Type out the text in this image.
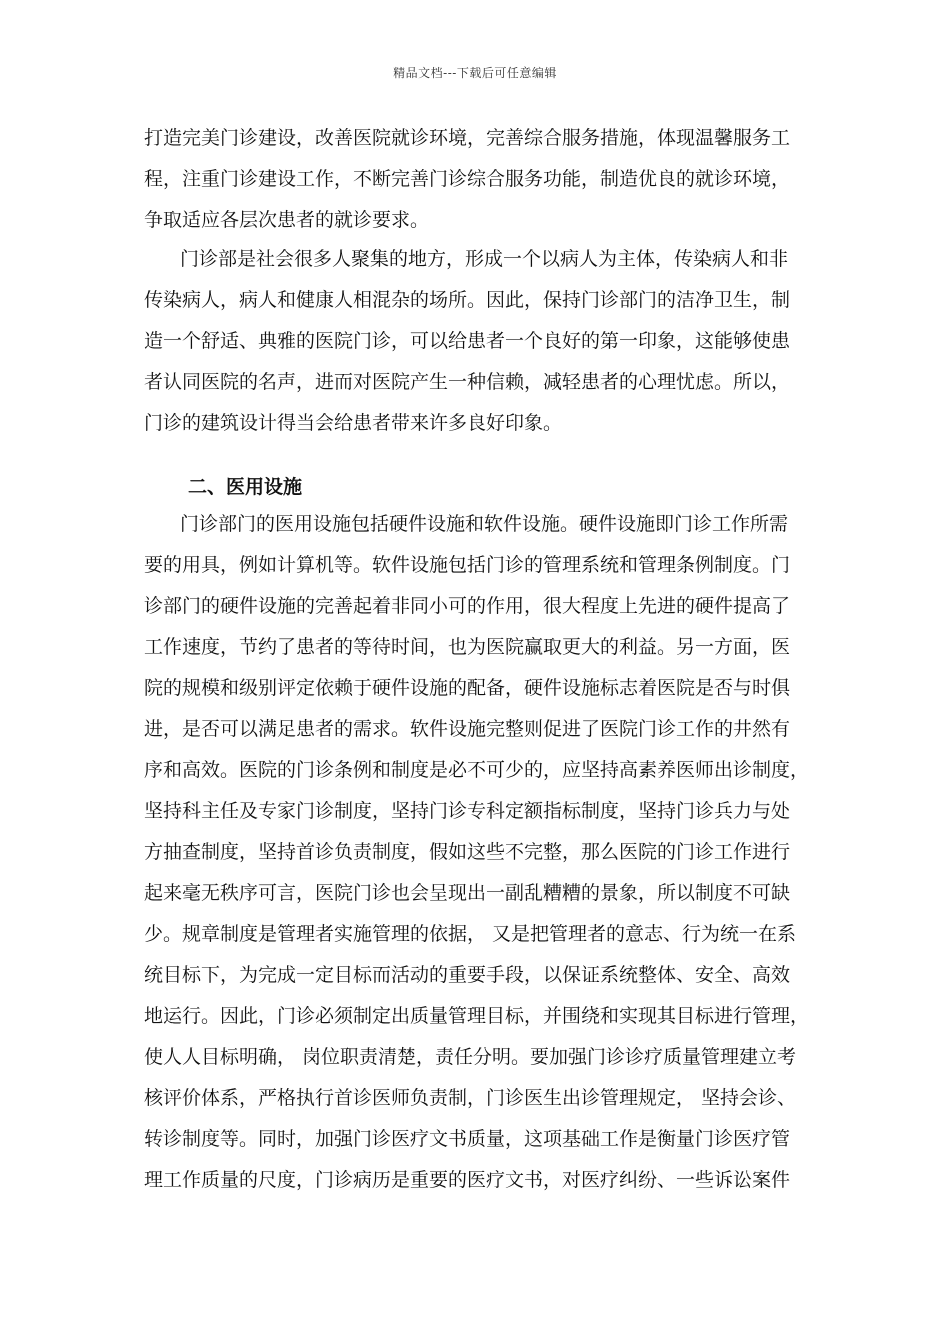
精品文档---下载后可任意编辑
打造完美门诊建设，改善医院就诊环境，完善综合服务措施，体现温馨服务工
程，注重门诊建设工作，不断完善门诊综合服务功能，制造优良的就诊环境，
争取适应各层次患者的就诊要求。
门诊部是社会很多人聚集的地方，形成一个以病人为主体，传染病人和非
传染病人，病人和健康人相混杂的场所。因此，保持门诊部门的洁净卫生，制
造一个舒适、典雅的医院门诊，可以给患者一个良好的第一印象，这能够使患
者认同医院的名声，进而对医院产生一种信赖，减轻患者的心理忧虑。所以，
门诊的建筑设计得当会给患者带来许多良好印象。
二、医用设施
门诊部门的医用设施包括硬件设施和软件设施。硬件设施即门诊工作所需
要的用具，例如计算机等。软件设施包括门诊的管理系统和管理条例制度。门
诊部门的硬件设施的完善起着非同小可的作用，很大程度上先进的硬件提高了
工作速度，节约了患者的等待时间，也为医院赢取更大的利益。另一方面，医
院的规模和级别评定依赖于硬件设施的配备，硬件设施标志着医院是否与时俱
进，是否可以满足患者的需求。软件设施完整则促进了医院门诊工作的井然有
序和高效。医院的门诊条例和制度是必不可少的，应坚持高素养医师出诊制度，
坚持科主任及专家门诊制度，坚持门诊专科定额指标制度，坚持门诊兵力与处
方抽查制度，坚持首诊负责制度，假如这些不完整，那么医院的门诊工作进行
起来毫无秩序可言，医院门诊也会呈现出一副乱糟糟的景象，所以制度不可缺
少。规章制度是管理者实施管理的依据， 又是把管理者的意志、行为统一在系
统目标下，为完成一定目标而活动的重要手段，以保证系统整体、安全、高效
地运行。因此，门诊必须制定出质量管理目标，并围绕和实现其目标进行管理，
使人人目标明确， 岗位职责清楚，责任分明。要加强门诊诊疗质量管理建立考
核评价体系，严格执行首诊医师负责制，门诊医生出诊管理规定， 坚持会诊、
转诊制度等。同时，加强门诊医疗文书质量，这项基础工作是衡量门诊医疗管
理工作质量的尺度，门诊病历是重要的医疗文书，对医疗纠纷、一些诉讼案件
